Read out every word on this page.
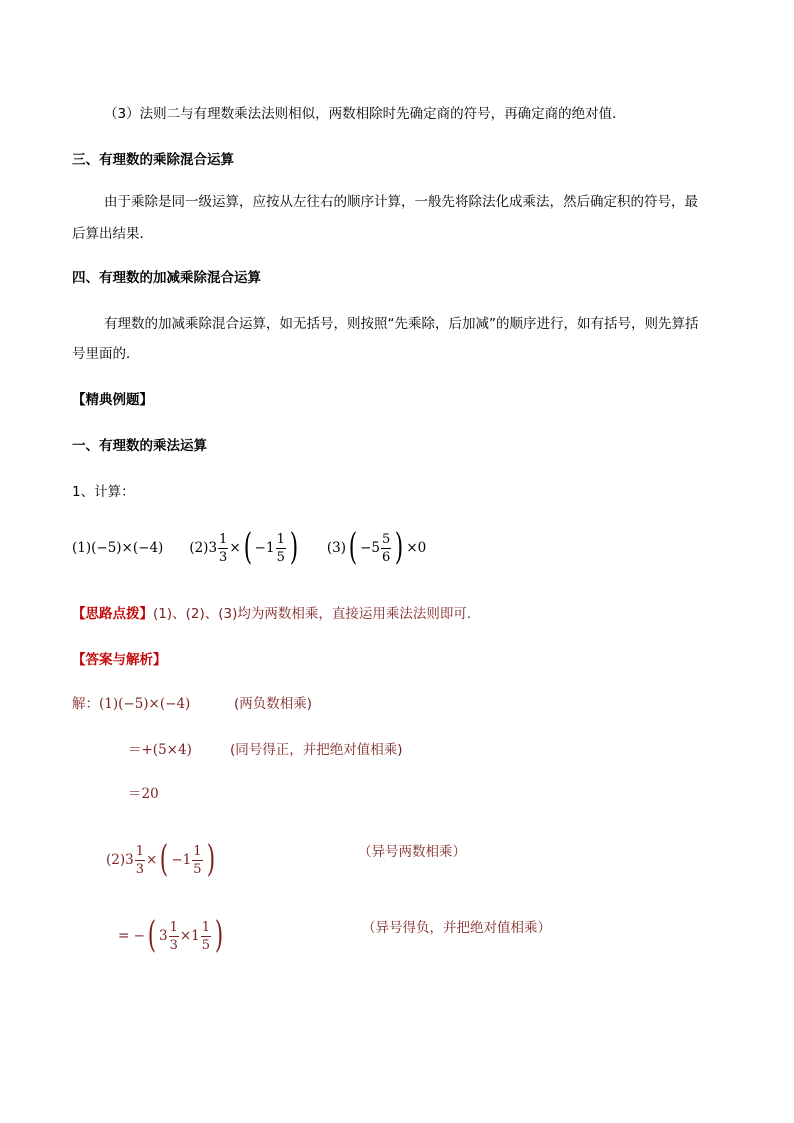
（3）法则二与有理数乘法法则相似，两数相除时先确定商的符号，再确定商的绝对值．
三、有理数的乘除混合运算
由于乘除是同一级运算，应按从左往右的顺序计算，一般先将除法化成乘法，然后确定积的符号，最
后算出结果．
四、有理数的加减乘除混合运算
有理数的加减乘除混合运算，如无括号，则按照“先乘除，后加减”的顺序进行，如有括号，则先算括
号里面的．
【精典例题】
一、有理数的乘法运算
1、计算：
(1)(−5)×(−4) (2) $3 \frac{1}{3}$ × ( $-1 \frac{1}{5}$ ) (3) ( $-5 \frac{5}{6}$ ) ×0
【思路点拨】(1)、(2)、(3)均为两数相乘，直接运用乘法法则即可．
【答案与解析】
解：(1)(−5)×(−4)	(两负数相乘)
＝+(5×4)	(同号得正，并把绝对值相乘)
＝20
(2) $3 \frac{1}{3}$ × ( $-1 \frac{1}{5}$ )	（异号两数相乘）
= − ( $3 \frac{1}{3} \times 1 \frac{1}{5}$ )	（异号得负，并把绝对值相乘）
